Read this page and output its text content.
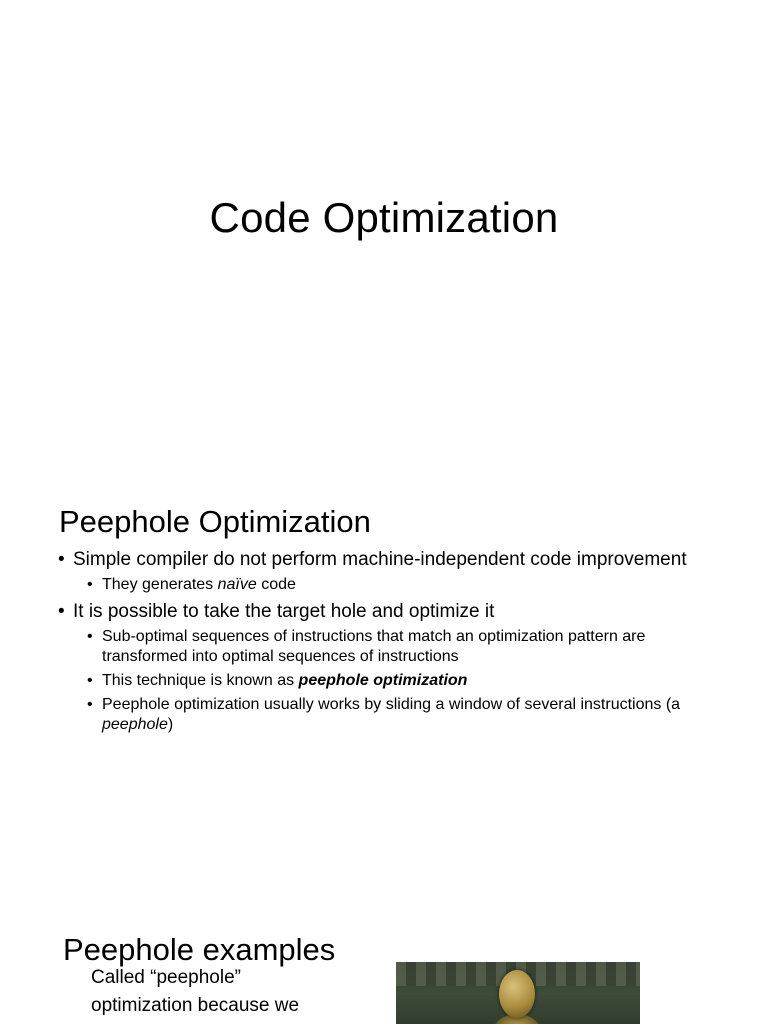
Code Optimization
Peephole Optimization
• Simple compiler do not perform machine-independent code improvement
• They generates naïve code
• It is possible to take the target hole and optimize it
• Sub-optimal sequences of instructions that match an optimization pattern are transformed into optimal sequences of instructions
• This technique is known as peephole optimization
• Peephole optimization usually works by sliding a window of several instructions (a peephole)
Peephole examples
Called “peephole”
optimization because we
